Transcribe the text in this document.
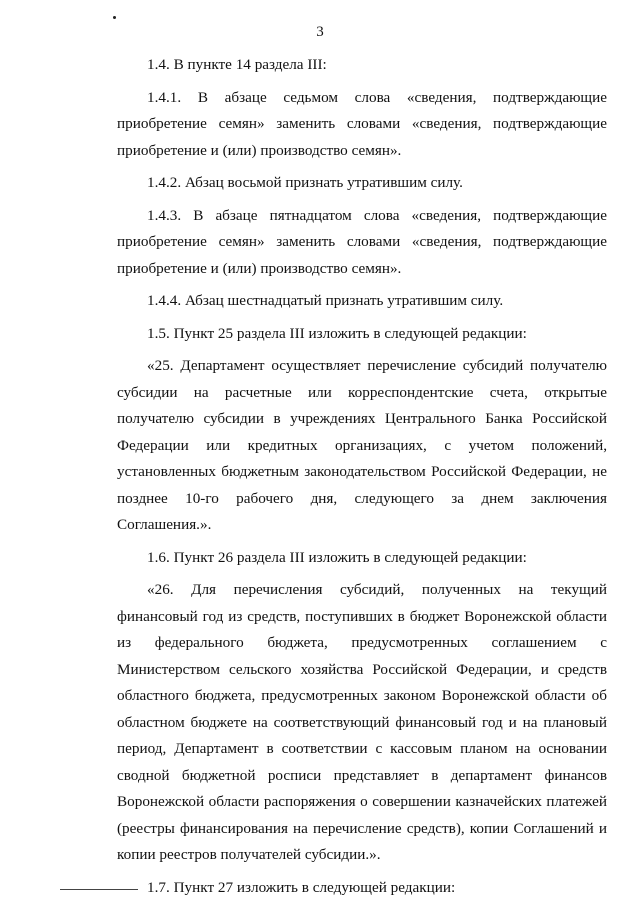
3

1.4. В пункте 14 раздела III:

1.4.1. В абзаце седьмом слова «сведения, подтверждающие приобретение семян» заменить словами «сведения, подтверждающие приобретение и (или) производство семян».

1.4.2. Абзац восьмой признать утратившим силу.

1.4.3. В абзаце пятнадцатом слова «сведения, подтверждающие приобретение семян» заменить словами «сведения, подтверждающие приобретение и (или) производство семян».

1.4.4. Абзац шестнадцатый признать утратившим силу.

1.5. Пункт 25 раздела III изложить в следующей редакции:

«25. Департамент осуществляет перечисление субсидий получателю субсидии на расчетные или корреспондентские счета, открытые получателю субсидии в учреждениях Центрального Банка Российской Федерации или кредитных организациях, с учетом положений, установленных бюджетным законодательством Российской Федерации, не позднее 10-го рабочего дня, следующего за днем заключения Соглашения.».

1.6. Пункт 26 раздела III изложить в следующей редакции:

«26. Для перечисления субсидий, полученных на текущий финансовый год из средств, поступивших в бюджет Воронежской области из федерального бюджета, предусмотренных соглашением с Министерством сельского хозяйства Российской Федерации, и средств областного бюджета, предусмотренных законом Воронежской области об областном бюджете на соответствующий финансовый год и на плановый период, Департамент в соответствии с кассовым планом на основании сводной бюджетной росписи представляет в департамент финансов Воронежской области распоряжения о совершении казначейских платежей (реестры финансирования на перечисление средств), копии Соглашений и копии реестров получателей субсидии.».

1.7. Пункт 27 изложить в следующей редакции:
